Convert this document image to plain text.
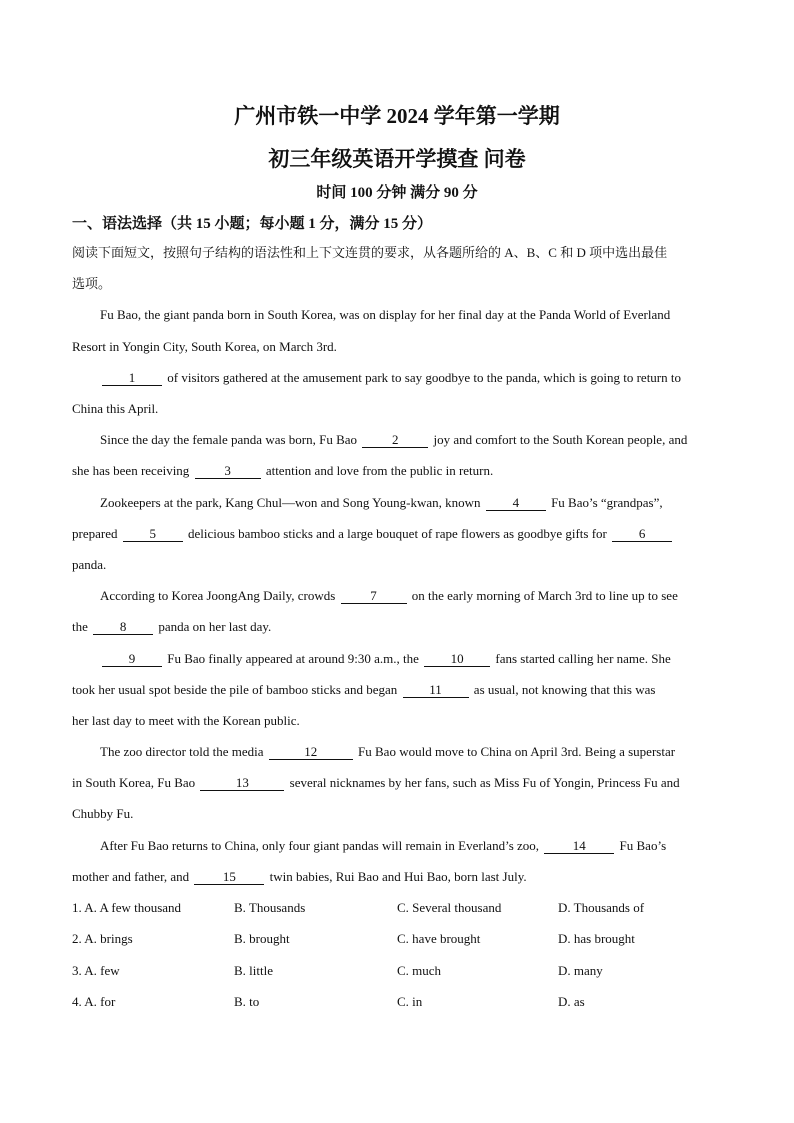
广州市铁一中学 2024 学年第一学期
初三年级英语开学摸查 问卷
时间 100 分钟 满分 90 分
一、语法选择（共 15 小题；每小题 1 分，满分 15 分）
阅读下面短文，按照句子结构的语法性和上下文连贯的要求，从各题所给的 A、B、C 和 D 项中选出最佳
选项。
Fu Bao, the giant panda born in South Korea, was on display for her final day at the Panda World of Everland
Resort in Yongin City, South Korea, on March 3rd.
1 of visitors gathered at the amusement park to say goodbye to the panda, which is going to return to
China this April.
Since the day the female panda was born, Fu Bao	2	joy and comfort to the South Korean people, and
she has been receiving	3	attention and love from the public in return.
Zookeepers at the park, Kang Chul—won and Song Young-kwan, known 4 Fu Bao’s “grandpas”,
prepared 5 delicious bamboo sticks and a large bouquet of rape flowers as goodbye gifts for 6
panda.
According to Korea JoongAng Daily, crowds	7	on the early morning of March 3rd to line up to see
the 8 panda on her last day.
9 Fu Bao finally appeared at around 9:30 a.m., the 10 fans started calling her name. She
took her usual spot beside the pile of bamboo sticks and began 11 as usual, not knowing that this was
her last day to meet with the Korean public.
The zoo director told the media	12	Fu Bao would move to China on April 3rd. Being a superstar
in South Korea, Fu Bao	13	several nicknames by her fans, such as Miss Fu of Yongin, Princess Fu and
Chubby Fu.
After Fu Bao returns to China, only four giant pandas will remain in Everland’s zoo,	14	Fu Bao’s
mother and father, and	15	twin babies, Rui Bao and Hui Bao, born last July.
1. A. A few thousand	B. Thousands	C. Several thousand	D. Thousands of
2. A. brings	B. brought	C. have brought	D. has brought
3. A. few	B. little	C. much	D. many
4. A. for	B. to	C. in	D. as
